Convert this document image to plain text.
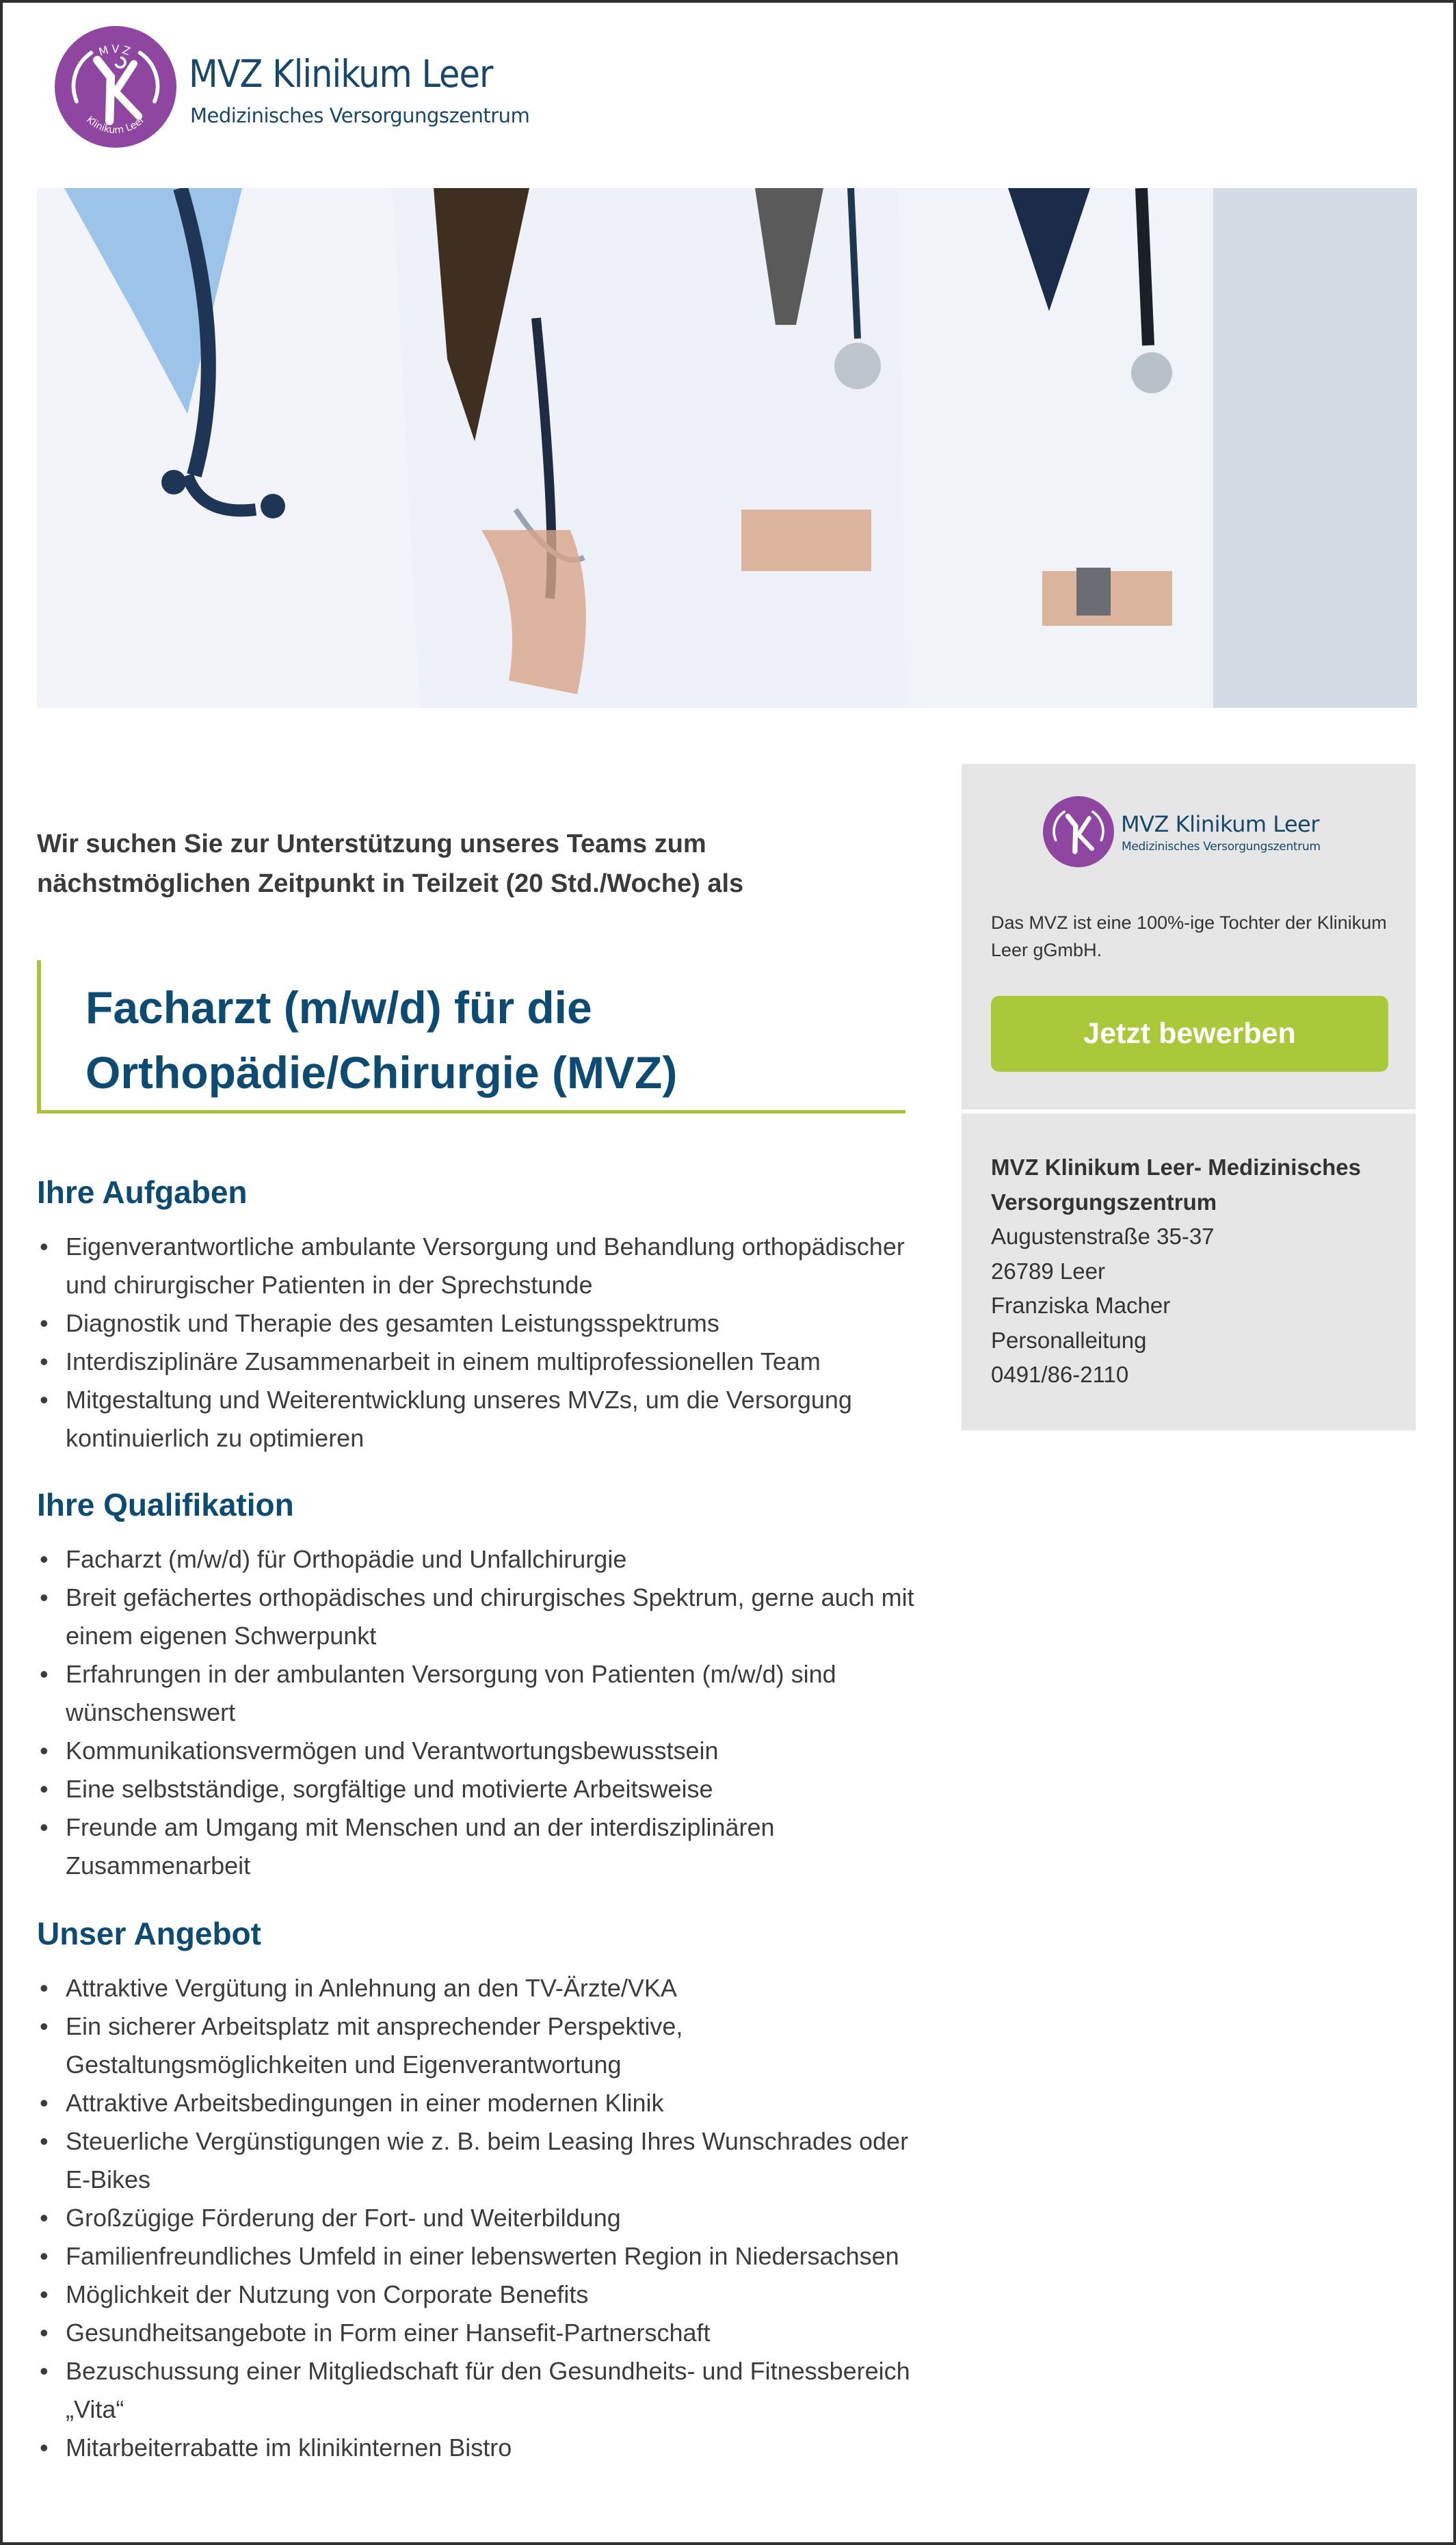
MVZ
Klinikum Leer
MVZ Klinikum Leer
Medizinisches Versorgungszentrum
Wir suchen Sie zur Unterstützung unseres Teams zum nächstmöglichen Zeitpunkt in Teilzeit (20 Std./Woche) als
Facharzt (m/w/d) für die
Orthopädie/Chirurgie (MVZ)
Ihre Aufgaben
• Eigenverantwortliche ambulante Versorgung und Behandlung orthopädischer und chirurgischer Patienten in der Sprechstunde
• Diagnostik und Therapie des gesamten Leistungsspektrums
• Interdisziplinäre Zusammenarbeit in einem multiprofessionellen Team
• Mitgestaltung und Weiterentwicklung unseres MVZs, um die Versorgung kontinuierlich zu optimieren
Ihre Qualifikation
• Facharzt (m/w/d) für Orthopädie und Unfallchirurgie
• Breit gefächertes orthopädisches und chirurgisches Spektrum, gerne auch mit einem eigenen Schwerpunkt
• Erfahrungen in der ambulanten Versorgung von Patienten (m/w/d) sind wünschenswert
• Kommunikationsvermögen und Verantwortungsbewusstsein
• Eine selbstständige, sorgfältige und motivierte Arbeitsweise
• Freunde am Umgang mit Menschen und an der interdisziplinären Zusammenarbeit
Unser Angebot
• Attraktive Vergütung in Anlehnung an den TV-Ärzte/VKA
• Ein sicherer Arbeitsplatz mit ansprechender Perspektive, Gestaltungsmöglichkeiten und Eigenverantwortung
• Attraktive Arbeitsbedingungen in einer modernen Klinik
• Steuerliche Vergünstigungen wie z. B. beim Leasing Ihres Wunschrades oder E-Bikes
• Großzügige Förderung der Fort- und Weiterbildung
• Familienfreundliches Umfeld in einer lebenswerten Region in Niedersachsen
• Möglichkeit der Nutzung von Corporate Benefits
• Gesundheitsangebote in Form einer Hansefit-Partnerschaft
• Bezuschussung einer Mitgliedschaft für den Gesundheits- und Fitnessbereich „Vita“
• Mitarbeiterrabatte im klinikinternen Bistro
MVZ Klinikum Leer
Medizinisches Versorgungszentrum
Das MVZ ist eine 100%-ige Tochter der Klinikum Leer gGmbH.
Jetzt bewerben
MVZ Klinikum Leer- Medizinisches
Versorgungszentrum
Augustenstraße 35-37
26789 Leer
Franziska Macher
Personalleitung
0491/86-2110
